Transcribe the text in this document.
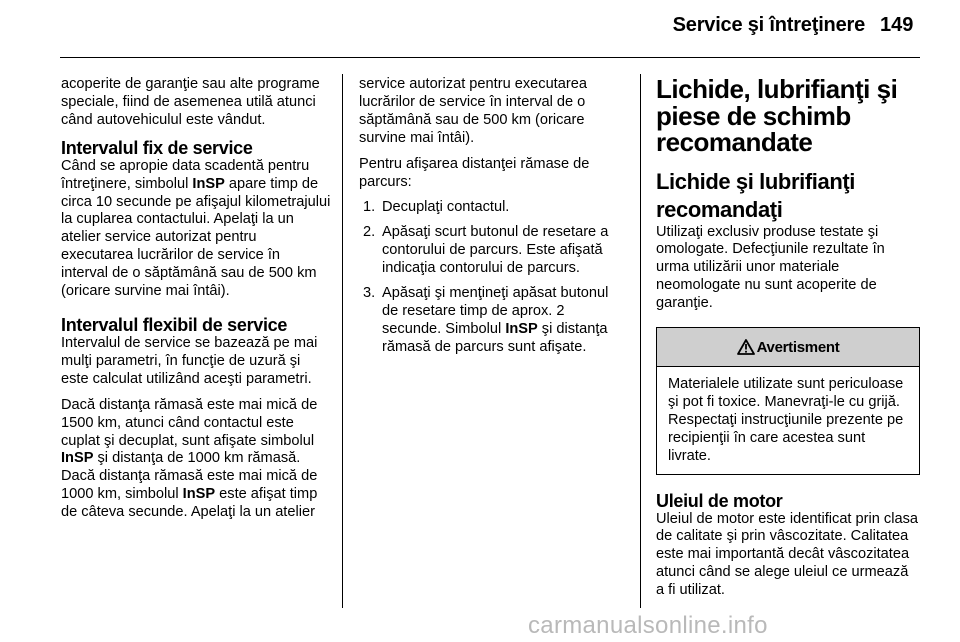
Service şi întreţinere 149

acoperite de garanţie sau alte programe speciale, fiind de asemenea utilă atunci când autovehiculul este vândut.

Intervalul fix de service

Când se apropie data scadentă pentru întreţinere, simbolul InSP apare timp de circa 10 secunde pe afişajul kilometrajului la cuplarea contactului. Apelaţi la un atelier service autorizat pentru executarea lucrărilor de service în interval de o săptămână sau de 500 km (oricare survine mai întâi).

Intervalul flexibil de service

Intervalul de service se bazează pe mai mulţi parametri, în funcţie de uzură şi este calculat utilizând aceşti parametri.

Dacă distanţa rămasă este mai mică de 1500 km, atunci când contactul este cuplat şi decuplat, sunt afişate simbolul InSP şi distanţa de 1000 km rămasă. Dacă distanţa rămasă este mai mică de 1000 km, simbolul InSP este afişat timp de câteva secunde. Apelaţi la un atelier

service autorizat pentru executarea lucrărilor de service în interval de o săptămână sau de 500 km (oricare survine mai întâi).

Pentru afişarea distanţei rămase de parcurs:

1. Decuplaţi contactul.
2. Apăsaţi scurt butonul de resetare a contorului de parcurs. Este afişată indicaţia contorului de parcurs.
3. Apăsaţi şi menţineţi apăsat butonul de resetare timp de aprox. 2 secunde. Simbolul InSP şi distanţa rămasă de parcurs sunt afişate.
Lichide, lubrifianţi şi piese de schimb recomandate
Lichide şi lubrifianţi recomandaţi

Utilizaţi exclusiv produse testate şi omologate. Defecţiunile rezultate în urma utilizării unor materiale neomologate nu sunt acoperite de garanţie.

Avertisment

Materialele utilizate sunt periculoase şi pot fi toxice. Manevraţi-le cu grijă. Respectaţi instrucţiunile prezente pe recipienţii în care acestea sunt livrate.

Uleiul de motor

Uleiul de motor este identificat prin clasa de calitate şi prin vâscozitate. Calitatea este mai importantă decât vâscozitatea atunci când se alege uleiul ce urmează a fi utilizat.

carmanualsonline.info
